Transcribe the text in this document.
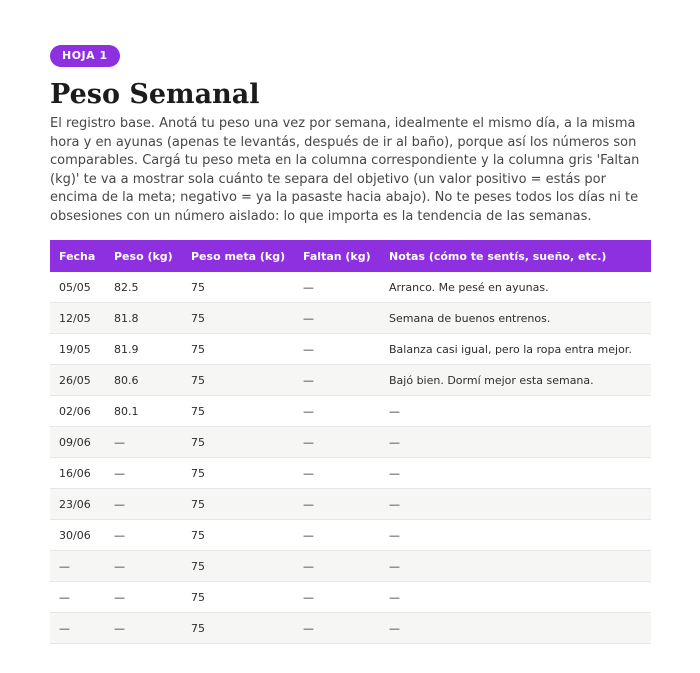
HOJA 1
Peso Semanal

El registro base. Anotá tu peso una vez por semana, idealmente el mismo día, a la misma hora y en ayunas (apenas te levantás, después de ir al baño), porque así los números son comparables. Cargá tu peso meta en la columna correspondiente y la columna gris 'Faltan (kg)' te va a mostrar sola cuánto te separa del objetivo (un valor positivo = estás por encima de la meta; negativo = ya la pasaste hacia abajo). No te peses todos los días ni te obsesiones con un número aislado: lo que importa es la tendencia de las semanas.

Fecha	Peso (kg)	Peso meta (kg)	Faltan (kg)	Notas (cómo te sentís, sueño, etc.)
05/05	82.5	75	—	Arranco. Me pesé en ayunas.
12/05	81.8	75	—	Semana de buenos entrenos.
19/05	81.9	75	—	Balanza casi igual, pero la ropa entra mejor.
26/05	80.6	75	—	Bajó bien. Dormí mejor esta semana.
02/06	80.1	75	—	—
09/06	—	75	—	—
16/06	—	75	—	—
23/06	—	75	—	—
30/06	—	75	—	—
—	—	75	—	—
—	—	75	—	—
—	—	75	—	—
